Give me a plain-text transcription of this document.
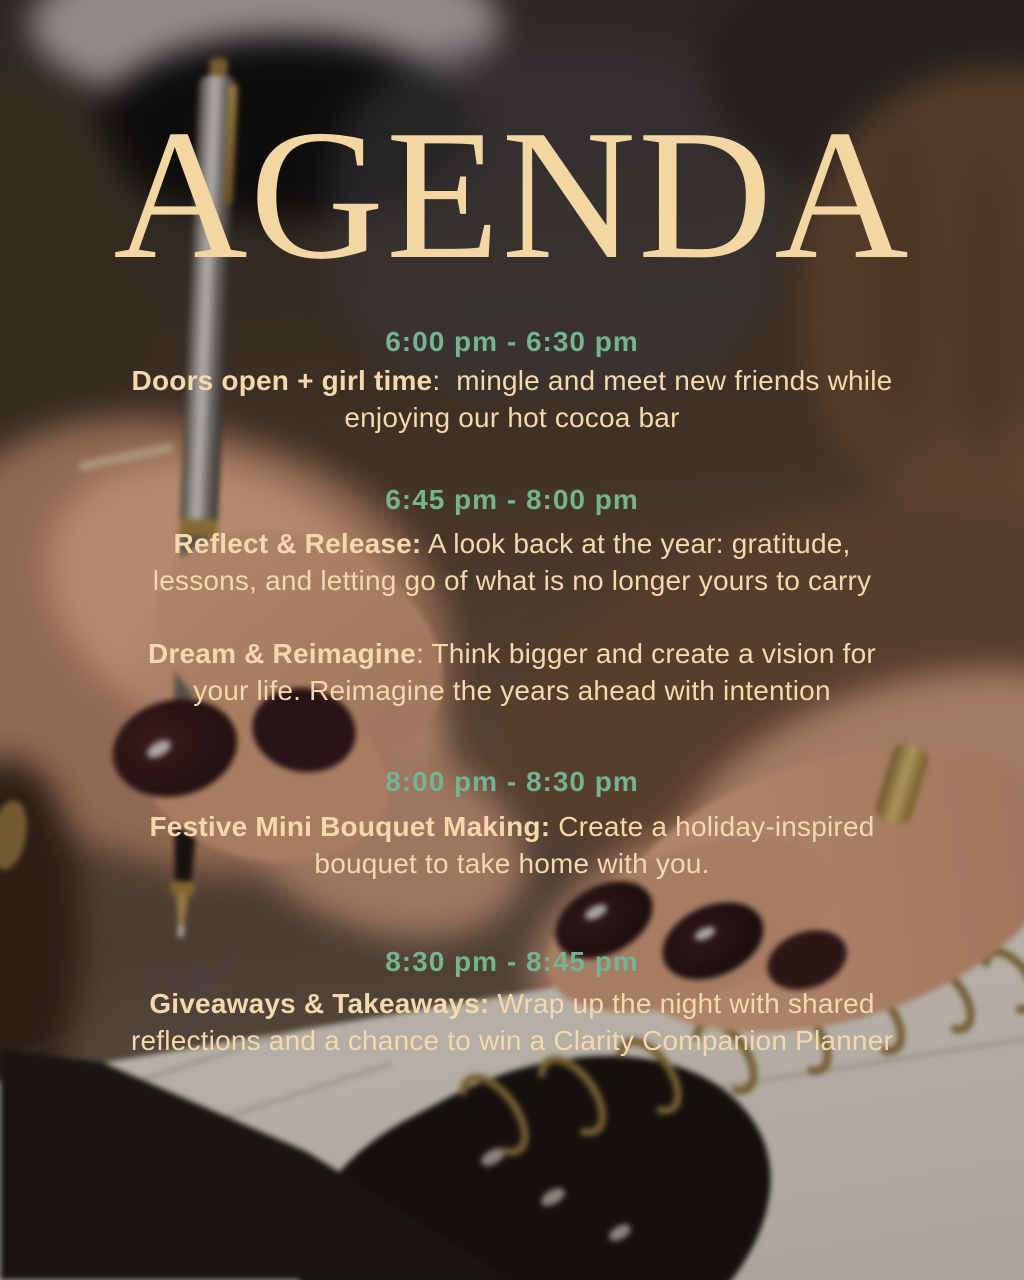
AGENDA
6:00 pm - 6:30 pm

Doors open + girl time:  mingle and meet new friends while
enjoying our hot cocoa bar

6:45 pm - 8:00 pm

Reflect & Release: A look back at the year: gratitude,
lessons, and letting go of what is no longer yours to carry

Dream & Reimagine: Think bigger and create a vision for
your life. Reimagine the years ahead with intention

8:00 pm - 8:30 pm

Festive Mini Bouquet Making: Create a holiday-inspired
bouquet to take home with you.

8:30 pm - 8:45 pm

Giveaways & Takeaways: Wrap up the night with shared
reflections and a chance to win a Clarity Companion Planner
